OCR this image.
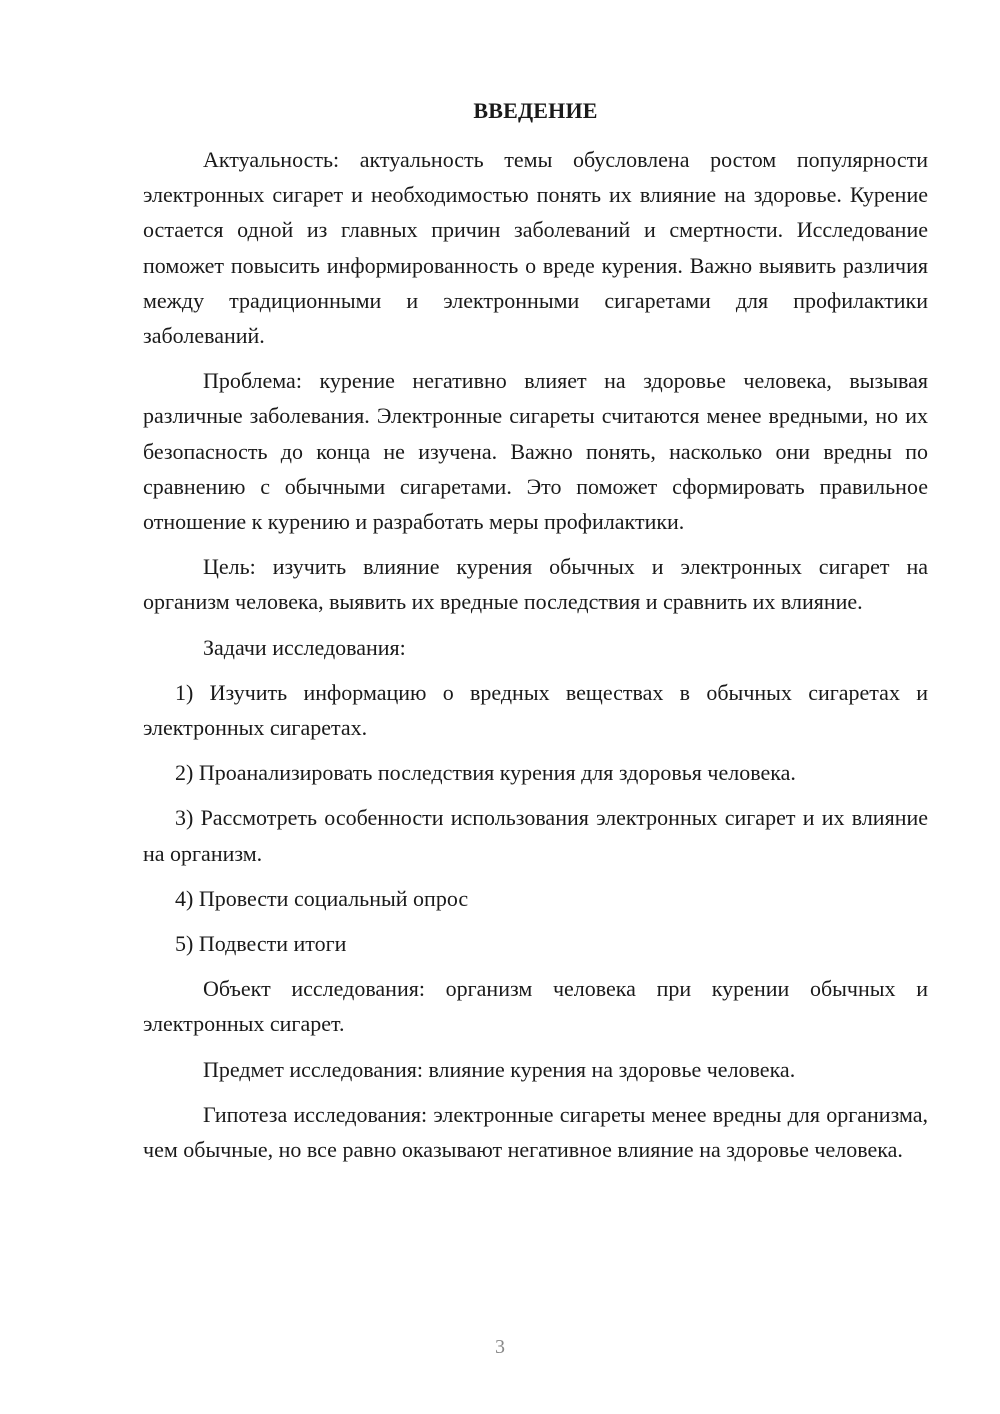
ВВЕДЕНИЕ

Актуальность: актуальность темы обусловлена ростом популярности электронных сигарет и необходимостью понять их влияние на здоровье. Курение остается одной из главных причин заболеваний и смертности. Исследование поможет повысить информированность о вреде курения. Важно выявить различия между традиционными и электронными сигаретами для профилактики заболеваний.

Проблема: курение негативно влияет на здоровье человека, вызывая различные заболевания. Электронные сигареты считаются менее вредными, но их безопасность до конца не изучена. Важно понять, насколько они вредны по сравнению с обычными сигаретами. Это поможет сформировать правильное отношение к курению и разработать меры профилактики.

Цель: изучить влияние курения обычных и электронных сигарет на организм человека, выявить их вредные последствия и сравнить их влияние.

Задачи исследования:

1) Изучить информацию о вредных веществах в обычных сигаретах и электронных сигаретах.

2) Проанализировать последствия курения для здоровья человека.

3) Рассмотреть особенности использования электронных сигарет и их влияние на организм.

4) Провести социальный опрос

5) Подвести итоги

Объект исследования: организм человека при курении обычных и электронных сигарет.

Предмет исследования: влияние курения на здоровье человека.

Гипотеза исследования: электронные сигареты менее вредны для организма, чем обычные, но все равно оказывают негативное влияние на здоровье человека.

3
